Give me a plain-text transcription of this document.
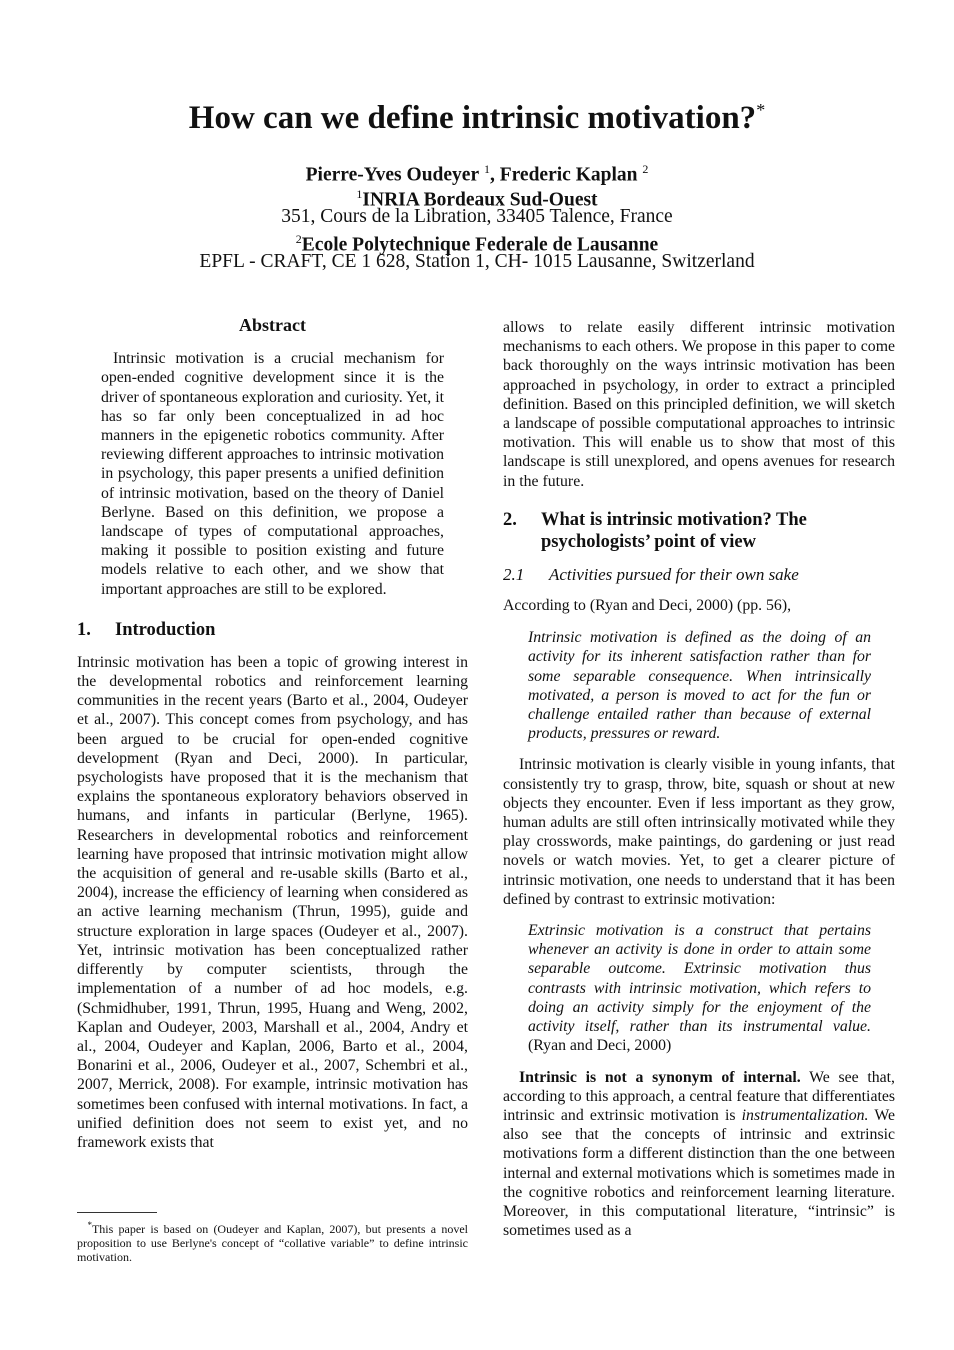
How can we define intrinsic motivation?*
Pierre-Yves Oudeyer $^1$, Frederic Kaplan $^2$
$^1$INRIA Bordeaux Sud-Ouest
351, Cours de la Libration, 33405 Talence, France
$^2$Ecole Polytechnique Federale de Lausanne
EPFL - CRAFT, CE 1 628, Station 1, CH- 1015 Lausanne, Switzerland
Abstract

Intrinsic motivation is a crucial mechanism for open-ended cognitive development since it is the driver of spontaneous exploration and curiosity. Yet, it has so far only been conceptualized in ad hoc manners in the epigenetic robotics community. After reviewing different approaches to intrinsic motivation in psychology, this paper presents a unified definition of intrinsic motivation, based on the theory of Daniel Berlyne. Based on this definition, we propose a landscape of types of computational approaches, making it possible to position existing and future models relative to each other, and we show that important approaches are still to be explored.

1. Introduction

Intrinsic motivation has been a topic of growing interest in the developmental robotics and reinforcement learning communities in the recent years (Barto et al., 2004, Oudeyer et al., 2007). This concept comes from psychology, and has been argued to be crucial for open-ended cognitive development (Ryan and Deci, 2000). In particular, psychologists have proposed that it is the mechanism that explains the spontaneous exploratory behaviors observed in humans, and infants in particular (Berlyne, 1965). Researchers in developmental robotics and reinforcement learning have proposed that intrinsic motivation might allow the acquisition of general and re-usable skills (Barto et al., 2004), increase the efficiency of learning when considered as an active learning mechanism (Thrun, 1995), guide and structure exploration in large spaces (Oudeyer et al., 2007). Yet, intrinsic motivation has been conceptualized rather differently by computer scientists, through the implementation of a number of ad hoc models, e.g. (Schmidhuber, 1991, Thrun, 1995, Huang and Weng, 2002, Kaplan and Oudeyer, 2003, Marshall et al., 2004, Andry et al., 2004, Oudeyer and Kaplan, 2006, Barto et al., 2004, Bonarini et al., 2006, Oudeyer et al., 2007, Schembri et al., 2007, Merrick, 2008). For example, intrinsic motivation has sometimes been confused with internal motivations. In fact, a unified definition does not seem to exist yet, and no framework exists that

*This paper is based on (Oudeyer and Kaplan, 2007), but presents a novel proposition to use Berlyne's concept of “collative variable” to define intrinsic motivation.

allows to relate easily different intrinsic motivation mechanisms to each others. We propose in this paper to come back thoroughly on the ways intrinsic motivation has been approached in psychology, in order to extract a principled definition. Based on this principled definition, we will sketch a landscape of possible computational approaches to intrinsic motivation. This will enable us to show that most of this landscape is still unexplored, and opens avenues for research in the future.

2.	What is intrinsic motivation? The psychologists’ point of view
2.1 Activities pursued for their own sake

According to (Ryan and Deci, 2000) (pp. 56),

Intrinsic motivation is defined as the doing of an activity for its inherent satisfaction rather than for some separable consequence. When intrinsically motivated, a person is moved to act for the fun or challenge entailed rather than because of external products, pressures or reward.

Intrinsic motivation is clearly visible in young infants, that consistently try to grasp, throw, bite, squash or shout at new objects they encounter. Even if less important as they grow, human adults are still often intrinsically motivated while they play crosswords, make paintings, do gardening or just read novels or watch movies. Yet, to get a clearer picture of intrinsic motivation, one needs to understand that it has been defined by contrast to extrinsic motivation:

Extrinsic motivation is a construct that pertains whenever an activity is done in order to attain some separable outcome. Extrinsic motivation thus contrasts with intrinsic motivation, which refers to doing an activity simply for the enjoyment of the activity itself, rather than its instrumental value. (Ryan and Deci, 2000)

Intrinsic is not a synonym of internal. We see that, according to this approach, a central feature that differentiates intrinsic and extrinsic motivation is instrumentalization. We also see that the concepts of intrinsic and extrinsic motivations form a different distinction than the one between internal and external motivations which is sometimes made in the cognitive robotics and reinforcement learning literature. Moreover, in this computational literature, “intrinsic” is sometimes used as a
